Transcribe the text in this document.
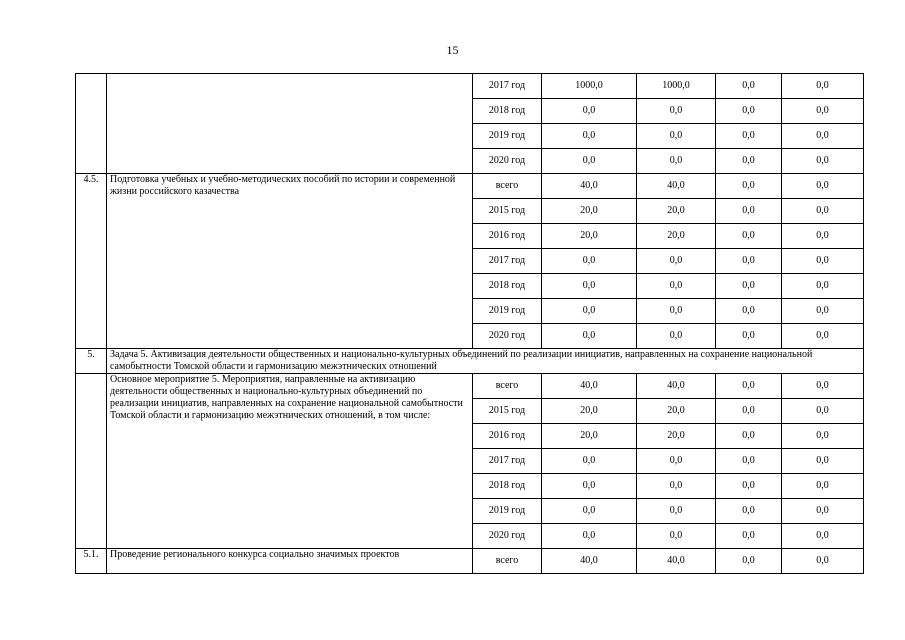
15
		2017 год	1000,0	1000,0	0,0	0,0
		2018 год	0,0	0,0	0,0	0,0
		2019 год	0,0	0,0	0,0	0,0
		2020 год	0,0	0,0	0,0	0,0
4.5.	Подготовка учебных и учебно-методических пособий по истории и современной жизни российского казачества	всего	40,0	40,0	0,0	0,0
		2015 год	20,0	20,0	0,0	0,0
		2016 год	20,0	20,0	0,0	0,0
		2017 год	0,0	0,0	0,0	0,0
		2018 год	0,0	0,0	0,0	0,0
		2019 год	0,0	0,0	0,0	0,0
		2020 год	0,0	0,0	0,0	0,0
5.	Задача 5. Активизация деятельности общественных и национально-культурных объединений по реализации инициатив, направленных на сохранение национальной самобытности Томской области и гармонизацию межэтнических отношений					
	Основное мероприятие 5. Мероприятия, направленные на активизацию деятельности общественных и национально-культурных объединений по реализации инициатив, направленных на сохранение национальной самобытности Томской области и гармонизацию межэтнических отношений, в том числе:	всего	40,0	40,0	0,0	0,0
		2015 год	20,0	20,0	0,0	0,0
		2016 год	20,0	20,0	0,0	0,0
		2017 год	0,0	0,0	0,0	0,0
		2018 год	0,0	0,0	0,0	0,0
		2019 год	0,0	0,0	0,0	0,0
		2020 год	0,0	0,0	0,0	0,0
5.1.	Проведение регионального конкурса социально значимых проектов	всего	40,0	40,0	0,0	0,0
